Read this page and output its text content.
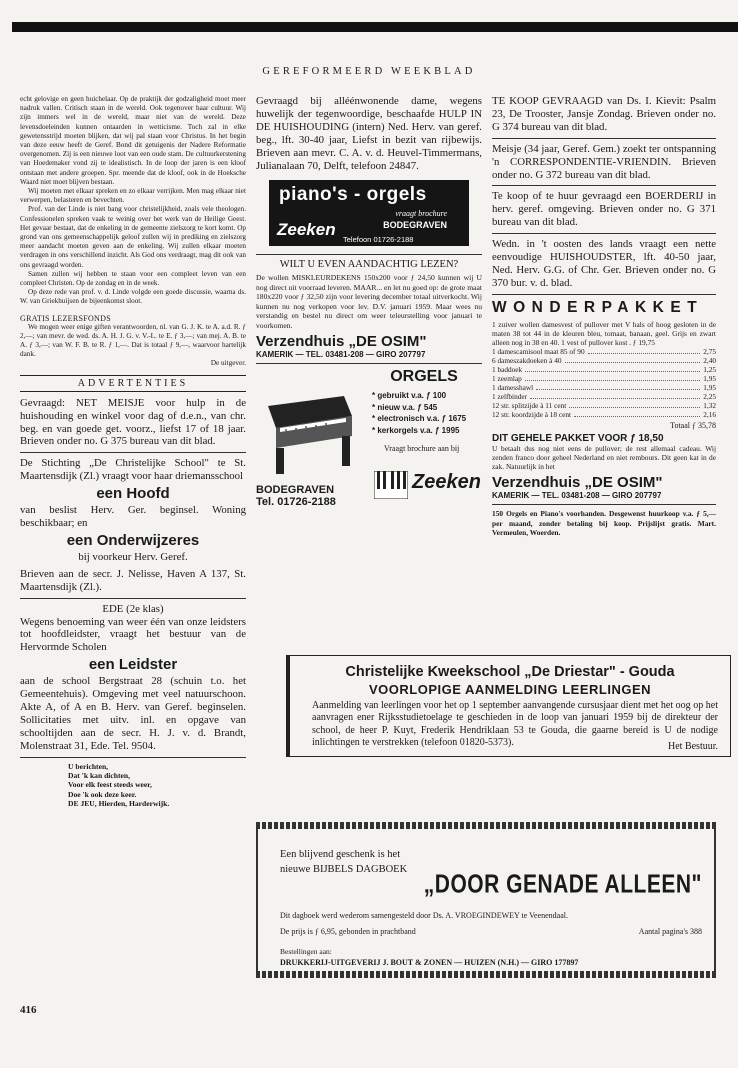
GEREFORMEERD WEEKBLAD

echt gelovige en geen huichelaar. Op de praktijk der godzaligheid moet meer nadruk vallen. Critisch staan in de wereld. Ook tegenover haar cultuur. Wij zijn immers wel in de wereld, maar niet van de wereld. Deze levensdoeleinden kunnen ontaarden in wetticisme. Toch zal in elke gewetensstrijd moeten blijken, dat wij pal staan voor Christus. In het begin van deze eeuw heeft de Geref. Bond dit getuigenis der Nadere Reformatie overgenomen. Zij is een nieuwe loot van een oude stam. De cultuurkerstening van Hoedemaker vond zij te idealistisch. In de loop der jaren is een kloof ontstaan met andere groepen. Spr. meende dat de kloof, ook in de Hoeksche Waard niet moet blijven bestaan.

Wij moeten met elkaar spreken en zo elkaar verrijken. Men mag elkaar niet verwerpen, belasteren en bevechten.

Prof. van der Linde is niet bang voor christelijkheid, zoals vele theologen. Confessionelen spreken vaak te weinig over het werk van de Heilige Geest. Het gevaar bestaat, dat de enkeling in de gemeente zielszorg te kort komt. Op grond van ons gemeenschappelijk geloof zullen wij in prediking en zielszorg meer aandacht moeten geven aan de enkeling. Wij zullen elkaar moeten verdragen in ons verschillend inzicht. Als God ons verdraagt, mag dit ook van ons gevraagd worden.

Samen zullen wij hebben te staan voor een compleet leven van een compleet Christen. Op de zondag en in de week.

Op deze rede van prof. v. d. Linde volgde een goede discussie, waarna ds. W. van Griekhuijsen de bijeenkomst sloot.

GRATIS LEZERSFONDS

We mogen weer enige giften verantwoorden, nl. van G. J. K. te A. a.d. R. ƒ 2,—; van mevr. de wed. ds. A. H. J. G. v. V.-L. te E. ƒ 3,—; van mej. A. B. te A. ƒ 3,—; van W. F. B. te R. ƒ 1,—. Dat is totaal ƒ 9,—, waarvoor hartelijk dank.

De uitgever.
ADVERTENTIES

Gevraagd: NET MEISJE voor hulp in de huishouding en winkel voor dag of d.e.n., van chr. beg. en van goede get. voorz., liefst 17 of 18 jaar. Brieven onder no. G 375 bureau van dit blad.

De Stichting „De Christelijke School" te St. Maartensdijk (Zl.) vraagt voor haar driemansschool

een Hoofd

van beslist Herv. Ger. beginsel. Woning beschikbaar; en

een Onderwijzeres

bij voorkeur Herv. Geref.

Brieven aan de secr. J. Nelisse, Haven A 137, St. Maartensdijk (Zl.).

EDE (2e klas)

Wegens benoeming van weer één van onze leidsters tot hoofdleidster, vraagt het bestuur van de Hervormde Scholen

een Leidster

aan de school Bergstraat 28 (schuin t.o. het Gemeentehuis). Omgeving met veel natuurschoon. Akte A, of A en B. Herv. van Geref. beginselen. Sollicitaties met uitv. inl. en opgave van schooltijden aan de secr. H. J. v. d. Brandt, Molenstraat 31, Ede. Tel. 9504.

U berichten,
Dat 'k kan dichten,
Voor elk feest steeds weer,
Doe 'k ook deze keer.
DE JEU, Hierden, Harderwijk.

Gevraagd bij alléénwonende dame, wegens huwelijk der tegenwoordige, beschaafde HULP IN DE HUISHOUDING (intern) Ned. Herv. van geref. beg., lft. 30-40 jaar, Liefst in bezit van rijbewijs. Brieven aan mevr. C. A. v. d. Heuvel-Timmermans, Julianalaan 70, Delft, telefoon 24847.

piano's - orgels
vraagt brochure
Zeeken	BODEGRAVEN
Telefoon 01726-2188
WILT U EVEN AANDACHTIG LEZEN?

De wollen MISKLEURDEKENS 150x200 voor ƒ 24,50 kunnen wij U nog direct uit voorraad leveren. MAAR... en let nu goed op: de grote maat 180x220 voor ƒ 32,50 zijn voor levering december totaal uitverkocht. Wij kunnen nu nog verkopen voor lev. D.V. januari 1959. Maar wees nu verstandig en bestel nu direct om weer teleurstelling voor januari te voorkomen.

Verzendhuis „DE OSIM"
KAMERIK — TEL. 03481-208 — GIRO 207797
ORGELS
* gebruikt v.a. ƒ 100
* nieuw v.a. ƒ 545
* electronisch v.a. ƒ 1675
* kerkorgels v.a. ƒ 1995
Vraagt brochure aan bij
Zeeken
BODEGRAVEN
Tel. 01726-2188

TE KOOP GEVRAAGD van Ds. I. Kievit: Psalm 23, De Trooster, Jansje Zondag. Brieven onder no. G 374 bureau van dit blad.

Meisje (34 jaar, Geref. Gem.) zoekt ter ontspanning 'n CORRESPONDENTIE-VRIENDIN. Brieven onder no. G 372 bureau van dit blad.

Te koop of te huur gevraagd een BOERDERIJ in herv. geref. omgeving. Brieven onder no. G 371 bureau van dit blad.

Wedn. in 't oosten des lands vraagt een nette eenvoudige HUISHOUDSTER, lft. 40-50 jaar, Ned. Herv. G.G. of Chr. Ger. Brieven onder no. G 370 bur. v. d. blad.

WONDERPAKKET

1 zuiver wollen damesvest of pullover met V hals of hoog gesloten in de maten 38 tot 44 in de kleuren bleu, tomaat, banaan, geel. Grijs en zwart alleen nog in 38 en 40. 1 vest of pullover kost . ƒ 19,75

1 damescamisool maat 85 of 90	2,75
6 dameszakdoeken à 40	2,40
1 baddoek	1,25
1 zeemlap	1,95
1 damesshawl	1,95
1 zelfbinder	2,25
12 str. splitzijde à 11 cent	1,32
12 str. koordzijde à 18 cent	2,16
Totaal ƒ 35,78
DIT GEHELE PAKKET VOOR ƒ 18,50

U betaalt dus nog niet eens de pullover; de rest allemaal cadeau. Wij zenden franco door geheel Nederland en niet rembours. Dit geen kat in de zak. Natuurlijk in het

Verzendhuis „DE OSIM"
KAMERIK — TEL. 03481-208 — GIRO 207797

150 Orgels en Piano's voorhanden. Desgewenst huurkoop v.a. ƒ 5,— per maand, zonder betaling bij koop. Prijslijst gratis. Mart. Vermeulen, Woerden.

Christelijke Kweekschool „De Driestar" - Gouda
VOORLOPIGE AANMELDING LEERLINGEN

Aanmelding van leerlingen voor het op 1 september aanvangende cursusjaar dient met het oog op het aanvragen ener Rijksstudietoelage te geschieden in de loop van januari 1959 bij de direkteur der school, de heer P. Kuyt, Frederik Hendriklaan 53 te Gouda, die gaarne bereid is U de nodige inlichtingen te verstrekken (telefoon 01820-5373).	Het Bestuur.
Een blijvend geschenk is het
nieuwe BIJBELS DAGBOEK
„DOOR GENADE ALLEEN"
Dit dagboek werd wederom samengesteld door Ds. A. VROEGINDEWEY te Veenendaal.
De prijs is ƒ 6,95, gebonden in prachtband	Aantal pagina's 388
Bestellingen aan:
DRUKKERIJ-UITGEVERIJ J. BOUT & ZONEN — HUIZEN (N.H.) — GIRO 177897
416
